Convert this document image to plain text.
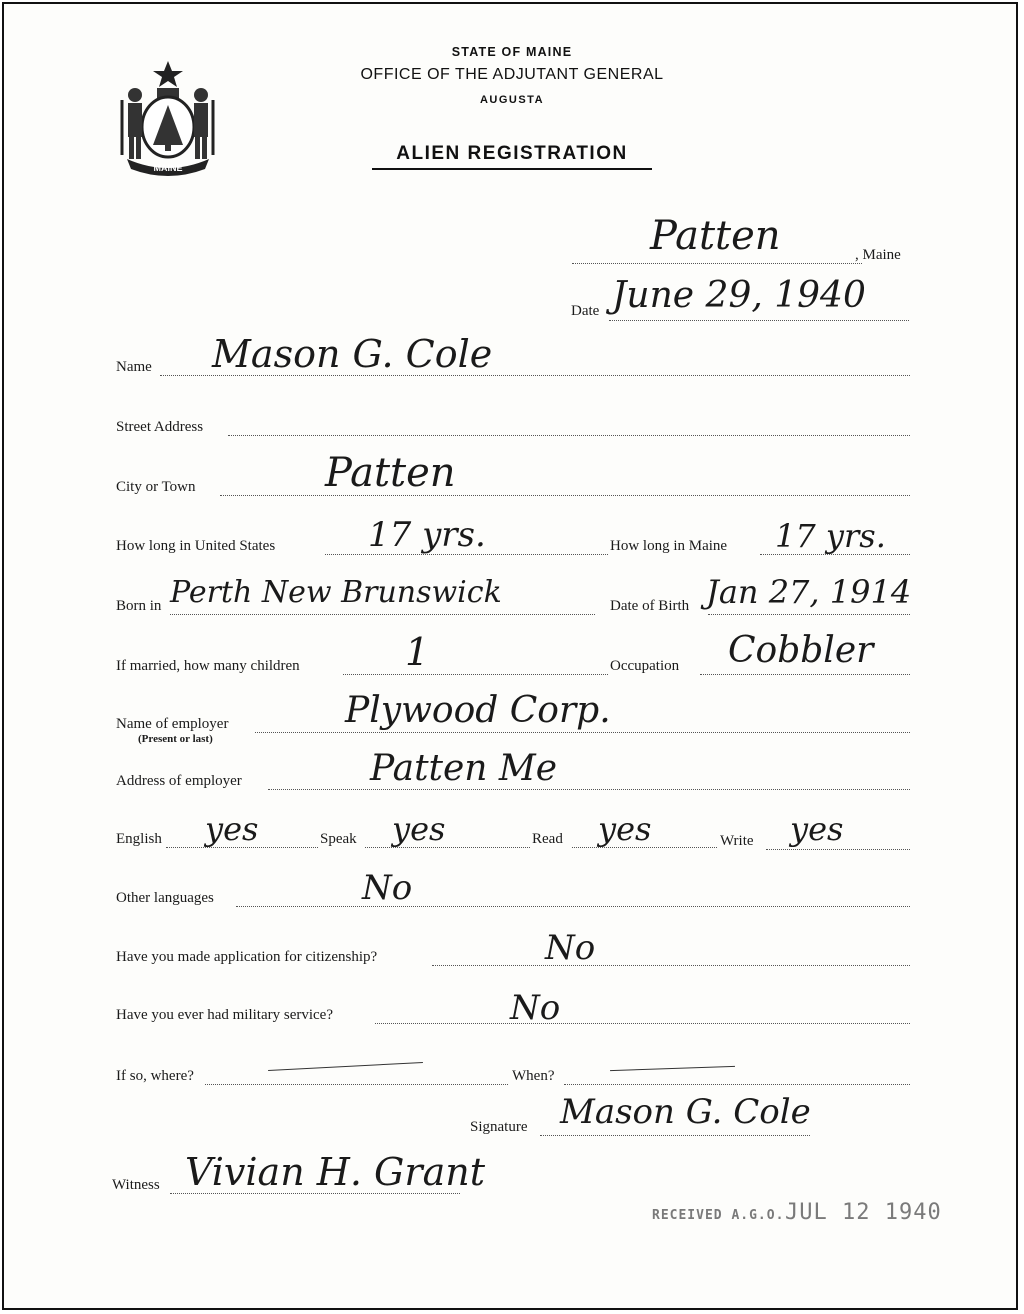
MAINE
STATE OF MAINE
OFFICE OF THE ADJUTANT GENERAL
AUGUSTA
ALIEN REGISTRATION
Patten	, Maine
Date June 29, 1940
Name Mason G. Cole
Street Address
City or Town	Patten
How long in United States	17 yrs.	How long in Maine 17 yrs.
Born in Perth New Brunswick	Date of Birth Jan 27, 1914
If married, how many children	1	Occupation Cobbler
Name of employer
(Present or last)
Plywood Corp.
Address of employer	Patten Me
English yes	Speak yes	Read yes	Write yes
Other languages	No
Have you made application for citizenship?	No
Have you ever had military service?	No
If so, where?	When?
Signature Mason G. Cole
Witness Vivian H. Grant
RECEIVED A.G.O. JUL 12 1940
